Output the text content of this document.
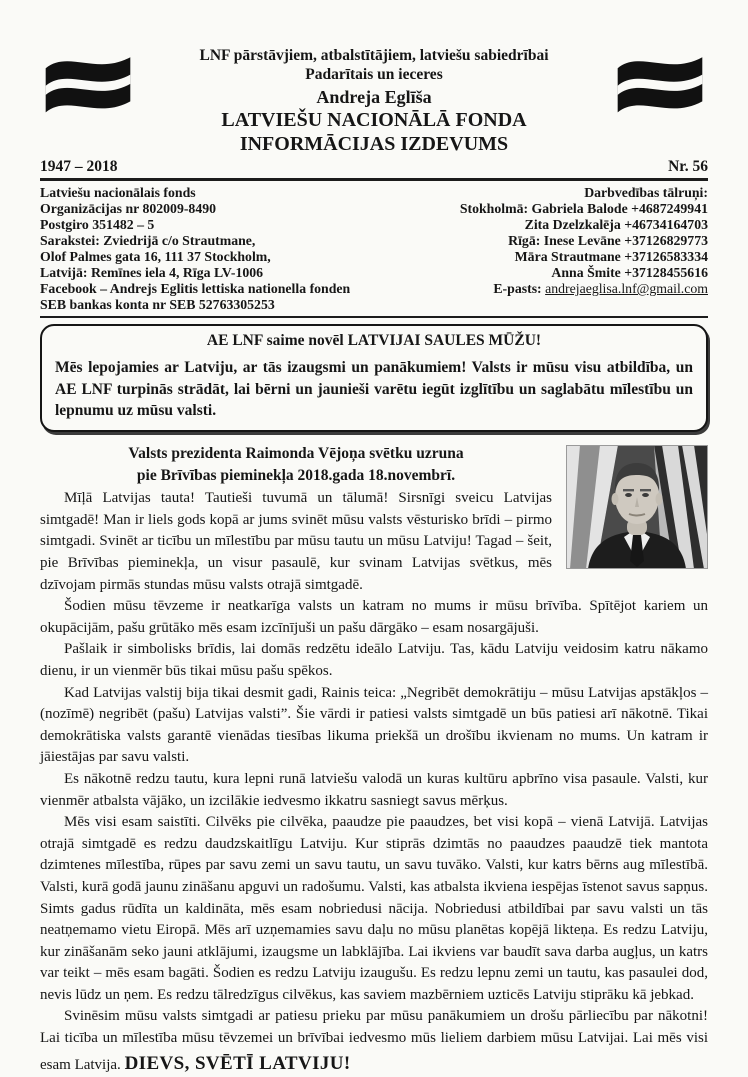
LNF pārstāvjiem, atbalstītājiem, latviešu sabiedrībai
Padarītais un ieceres
Andreja Eglīša
LATVIEŠU NACIONĀLĀ FONDA
INFORMĀCIJAS IZDEVUMS
1947 – 2018	Nr. 56
Latviešu nacionālais fonds
Organizācijas nr 802009-8490
Postgiro 351482 – 5
Sarakstei: Zviedrijā c/o Strautmane,
Olof Palmes gata 16, 111 37 Stockholm,
Latvijā: Remīnes iela 4, Rīga LV-1006
Facebook – Andrejs Eglitis lettiska nationella fonden
SEB bankas konta nr SEB 52763305253
Darbvedības tālruņi:
Stokholmā: Gabriela Balode +4687249941
Zita Dzelzkalēja +46734164703
Rīgā: Inese Levāne +37126829773
Māra Strautmane +37126583334
Anna Šmite +37128455616
E-pasts: andrejaeglisa.lnf@gmail.com
AE LNF saime novēl LATVIJAI SAULES MŪŽU!
Mēs lepojamies ar Latviju, ar tās izaugsmi un panākumiem! Valsts ir mūsu visu atbildība, un AE LNF turpinās strādāt, lai bērni un jaunieši varētu iegūt izglītību un saglabātu mīlestību un lepnumu uz mūsu valsti.
Valsts prezidenta Raimonda Vējoņa svētku uzruna
pie Brīvības pieminekļa 2018.gada 18.novembrī.

Mīļā Latvijas tauta! Tautieši tuvumā un tālumā! Sirsnīgi sveicu Latvijas simtgadē! Man ir liels gods kopā ar jums svinēt mūsu valsts vēsturisko brīdi – pirmo simtgadi. Svinēt ar ticību un mīlestību par mūsu tautu un mūsu Latviju! Tagad – šeit, pie Brīvības pieminekļa, un visur pasaulē, kur svinam Latvijas svētkus, mēs dzīvojam pirmās stundas mūsu valsts otrajā simtgadē.

Šodien mūsu tēvzeme ir neatkarīga valsts un katram no mums ir mūsu brīvība. Spītējot kariem un okupācijām, pašu grūtāko mēs esam izcīnījuši un pašu dārgāko – esam nosargājuši.

Pašlaik ir simbolisks brīdis, lai domās redzētu ideālo Latviju. Tas, kādu Latviju veidosim katru nākamo dienu, ir un vienmēr būs tikai mūsu pašu spēkos.

Kad Latvijas valstij bija tikai desmit gadi, Rainis teica: „Negribēt demokrātiju – mūsu Latvijas apstākļos – (nozīmē) negribēt (pašu) Latvijas valsti”. Šie vārdi ir patiesi valsts simtgadē un būs patiesi arī nākotnē. Tikai demokrātiska valsts garantē vienādas tiesības likuma priekšā un drošību ikvienam no mums. Un katram ir jāiestājas par savu valsti.

Es nākotnē redzu tautu, kura lepni runā latviešu valodā un kuras kultūru apbrīno visa pasaule. Valsti, kur vienmēr atbalsta vājāko, un izcilākie iedvesmo ikkatru sasniegt savus mērķus.

Mēs visi esam saistīti. Cilvēks pie cilvēka, paaudze pie paaudzes, bet visi kopā – vienā Latvijā. Latvijas otrajā simtgadē es redzu daudzskaitlīgu Latviju. Kur stiprās dzimtās no paaudzes paaudzē tiek mantota dzimtenes mīlestība, rūpes par savu zemi un savu tautu, un savu tuvāko. Valsti, kur katrs bērns aug mīlestībā. Valsti, kurā godā jaunu zināšanu apguvi un radošumu. Valsti, kas atbalsta ikviena iespējas īstenot savus sapņus. Simts gadus rūdīta un kaldināta, mēs esam nobriedusi nācija. Nobriedusi atbildībai par savu valsti un tās neatņemamo vietu Eiropā. Mēs arī uzņemamies savu daļu no mūsu planētas kopējā likteņa. Es redzu Latviju, kur zināšanām seko jauni atklājumi, izaugsme un labklājība. Lai ikviens var baudīt sava darba augļus, un katrs var teikt – mēs esam bagāti. Šodien es redzu Latviju izaugušu. Es redzu lepnu zemi un tautu, kas pasaulei dod, nevis lūdz un ņem. Es redzu tālredzīgus cilvēkus, kas saviem mazbērniem uzticēs Latviju stiprāku kā jebkad.

Svinēsim mūsu valsts simtgadi ar patiesu prieku par mūsu panākumiem un drošu pārliecību par nākotni! Lai ticība un mīlestība mūsu tēvzemei un brīvībai iedvesmo mūs lieliem darbiem mūsu Latvijai. Lai mēs visi esam Latvija. DIEVS, SVĒTĪ LATVIJU!
